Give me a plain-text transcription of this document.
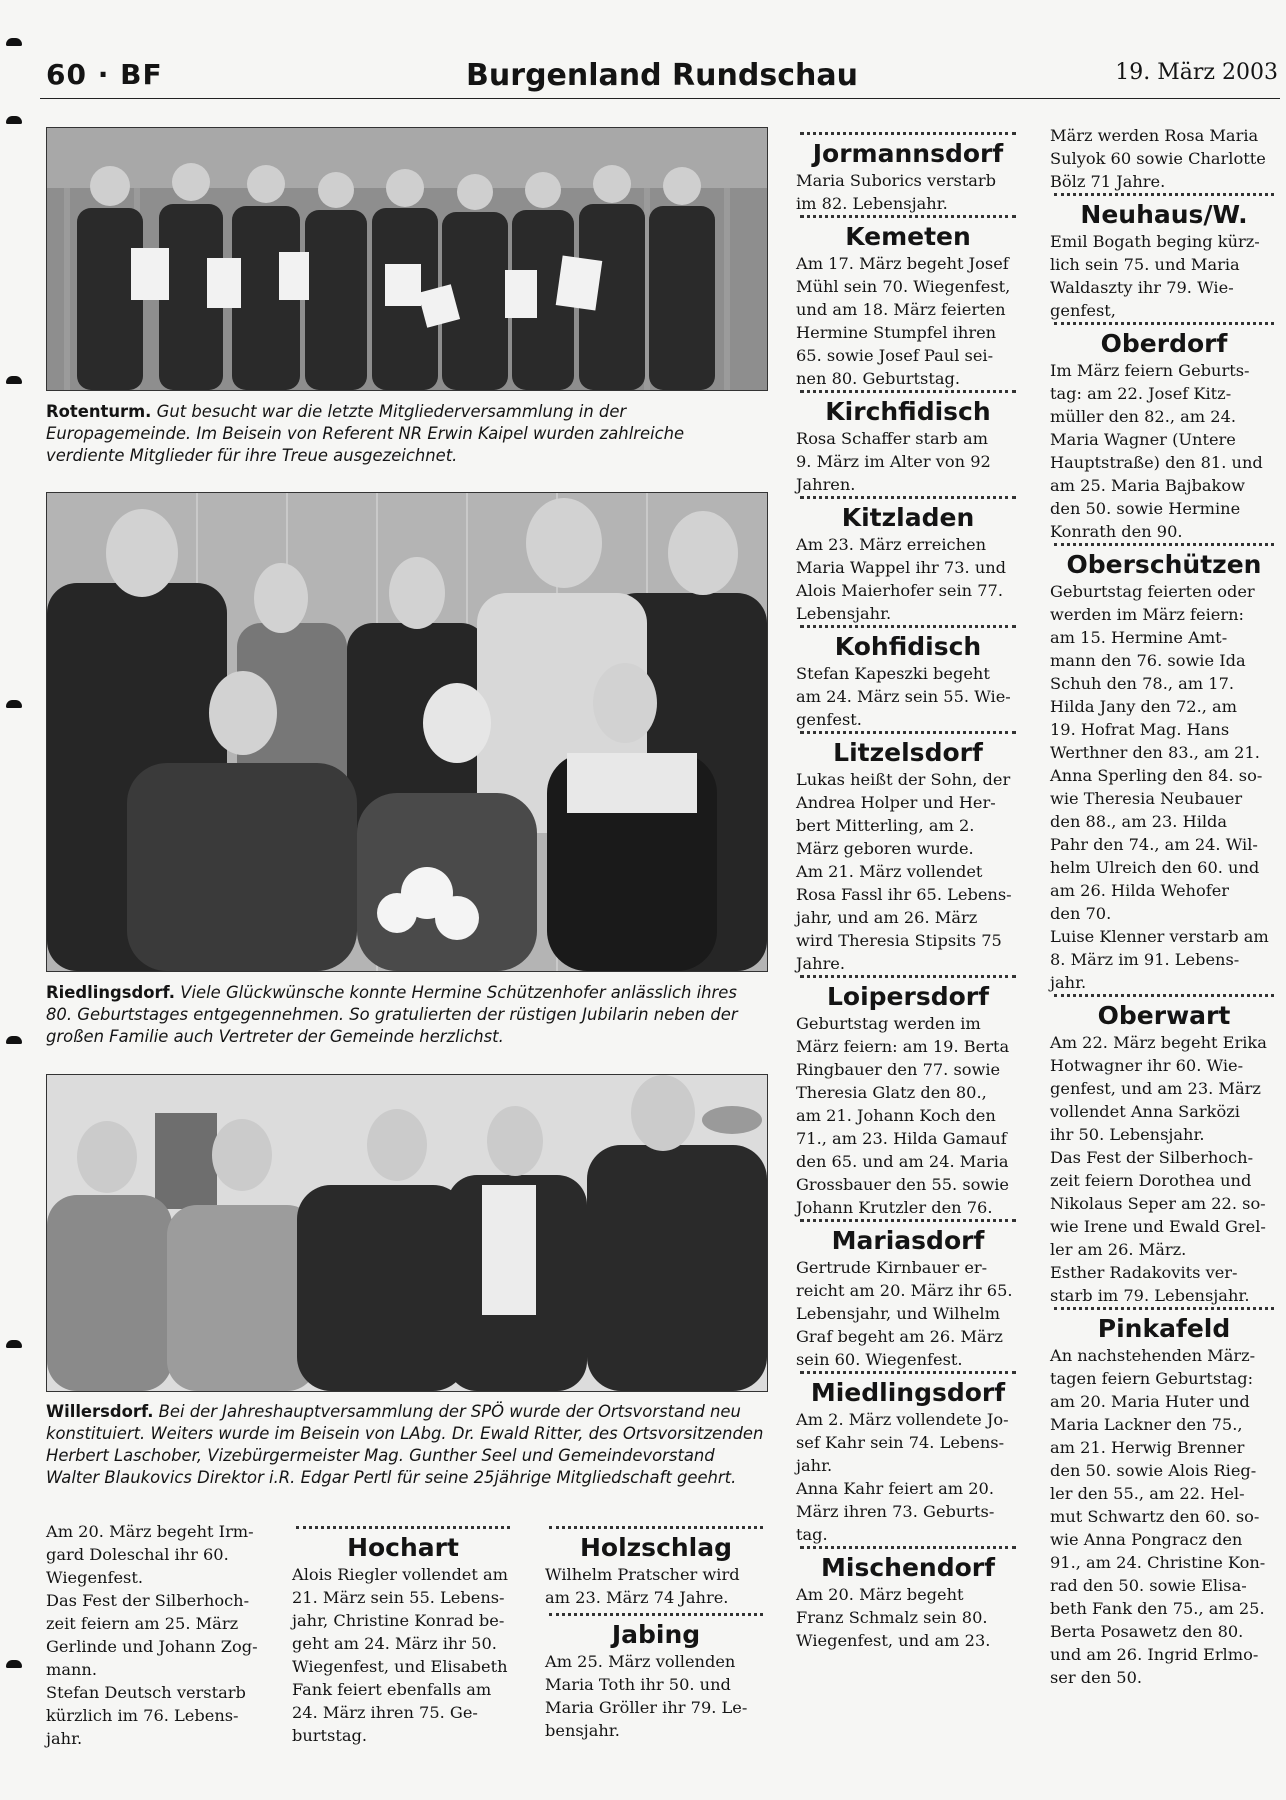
60 · BF	Burgenland Rundschau	19. März 2003
Rotenturm. Gut besucht war die letzte Mitgliederversammlung in der Europagemeinde. Im Beisein von Referent NR Erwin Kaipel wurden zahlreiche verdiente Mitglieder für ihre Treue ausgezeichnet.
Riedlingsdorf. Viele Glückwünsche konnte Hermine Schützenhofer anlässlich ihres 80. Geburtstages entgegennehmen. So gratulierten der rüstigen Jubilarin neben der großen Familie auch Vertreter der Gemeinde herzlichst.
Willersdorf. Bei der Jahreshauptversammlung der SPÖ wurde der Ortsvorstand neu konstituiert. Weiters wurde im Beisein von LAbg. Dr. Ewald Ritter, des Ortsvorsitzenden Herbert Laschober, Vizebürgermeister Mag. Gunther Seel und Gemeindevorstand Walter Blaukovics Direktor i.R. Edgar Pertl für seine 25jährige Mitgliedschaft geehrt.

Am 20. März begeht Irm-

gard Doleschal ihr 60.

Wiegenfest.

Das Fest der Silberhoch-

zeit feiern am 25. März

Gerlinde und Johann Zog-

mann.

Stefan Deutsch verstarb

kürzlich im 76. Lebens-

jahr.

Hochart

Alois Riegler vollendet am

21. März sein 55. Lebens-

jahr, Christine Konrad be-

geht am 24. März ihr 50.

Wiegenfest, und Elisabeth

Fank feiert ebenfalls am

24. März ihren 75. Ge-

burtstag.

Holzschlag

Wilhelm Pratscher wird

am 23. März 74 Jahre.

Jabing

Am 25. März vollenden

Maria Toth ihr 50. und

Maria Gröller ihr 79. Le-

bensjahr.

Jormannsdorf

Maria Suborics verstarb

im 82. Lebensjahr.

Kemeten

Am 17. März begeht Josef

Mühl sein 70. Wiegenfest,

und am 18. März feierten

Hermine Stumpfel ihren

65. sowie Josef Paul sei-

nen 80. Geburtstag.

Kirchfidisch

Rosa Schaffer starb am

9. März im Alter von 92

Jahren.

Kitzladen

Am 23. März erreichen

Maria Wappel ihr 73. und

Alois Maierhofer sein 77.

Lebensjahr.

Kohfidisch

Stefan Kapeszki begeht

am 24. März sein 55. Wie-

genfest.

Litzelsdorf

Lukas heißt der Sohn, der

Andrea Holper und Her-

bert Mitterling, am 2.

März geboren wurde.

Am 21. März vollendet

Rosa Fassl ihr 65. Lebens-

jahr, und am 26. März

wird Theresia Stipsits 75

Jahre.

Loipersdorf

Geburtstag werden im

März feiern: am 19. Berta

Ringbauer den 77. sowie

Theresia Glatz den 80.,

am 21. Johann Koch den

71., am 23. Hilda Gamauf

den 65. und am 24. Maria

Grossbauer den 55. sowie

Johann Krutzler den 76.

Mariasdorf

Gertrude Kirnbauer er-

reicht am 20. März ihr 65.

Lebensjahr, und Wilhelm

Graf begeht am 26. März

sein 60. Wiegenfest.

Miedlingsdorf

Am 2. März vollendete Jo-

sef Kahr sein 74. Lebens-

jahr.

Anna Kahr feiert am 20.

März ihren 73. Geburts-

tag.

Mischendorf

Am 20. März begeht

Franz Schmalz sein 80.

Wiegenfest, und am 23.

März werden Rosa Maria

Sulyok 60 sowie Charlotte

Bölz 71 Jahre.

Neuhaus/W.

Emil Bogath beging kürz-

lich sein 75. und Maria

Waldaszty ihr 79. Wie-

genfest,

Oberdorf

Im März feiern Geburts-

tag: am 22. Josef Kitz-

müller den 82., am 24.

Maria Wagner (Untere

Hauptstraße) den 81. und

am 25. Maria Bajbakow

den 50. sowie Hermine

Konrath den 90.

Oberschützen

Geburtstag feierten oder

werden im März feiern:

am 15. Hermine Amt-

mann den 76. sowie Ida

Schuh den 78., am 17.

Hilda Jany den 72., am

19. Hofrat Mag. Hans

Werthner den 83., am 21.

Anna Sperling den 84. so-

wie Theresia Neubauer

den 88., am 23. Hilda

Pahr den 74., am 24. Wil-

helm Ulreich den 60. und

am 26. Hilda Wehofer

den 70.

Luise Klenner verstarb am

8. März im 91. Lebens-

jahr.

Oberwart

Am 22. März begeht Erika

Hotwagner ihr 60. Wie-

genfest, und am 23. März

vollendet Anna Sarközi

ihr 50. Lebensjahr.

Das Fest der Silberhoch-

zeit feiern Dorothea und

Nikolaus Seper am 22. so-

wie Irene und Ewald Grel-

ler am 26. März.

Esther Radakovits ver-

starb im 79. Lebensjahr.

Pinkafeld

An nachstehenden März-

tagen feiern Geburtstag:

am 20. Maria Huter und

Maria Lackner den 75.,

am 21. Herwig Brenner

den 50. sowie Alois Rieg-

ler den 55., am 22. Hel-

mut Schwartz den 60. so-

wie Anna Pongracz den

91., am 24. Christine Kon-

rad den 50. sowie Elisa-

beth Fank den 75., am 25.

Berta Posawetz den 80.

und am 26. Ingrid Erlmo-

ser den 50.
